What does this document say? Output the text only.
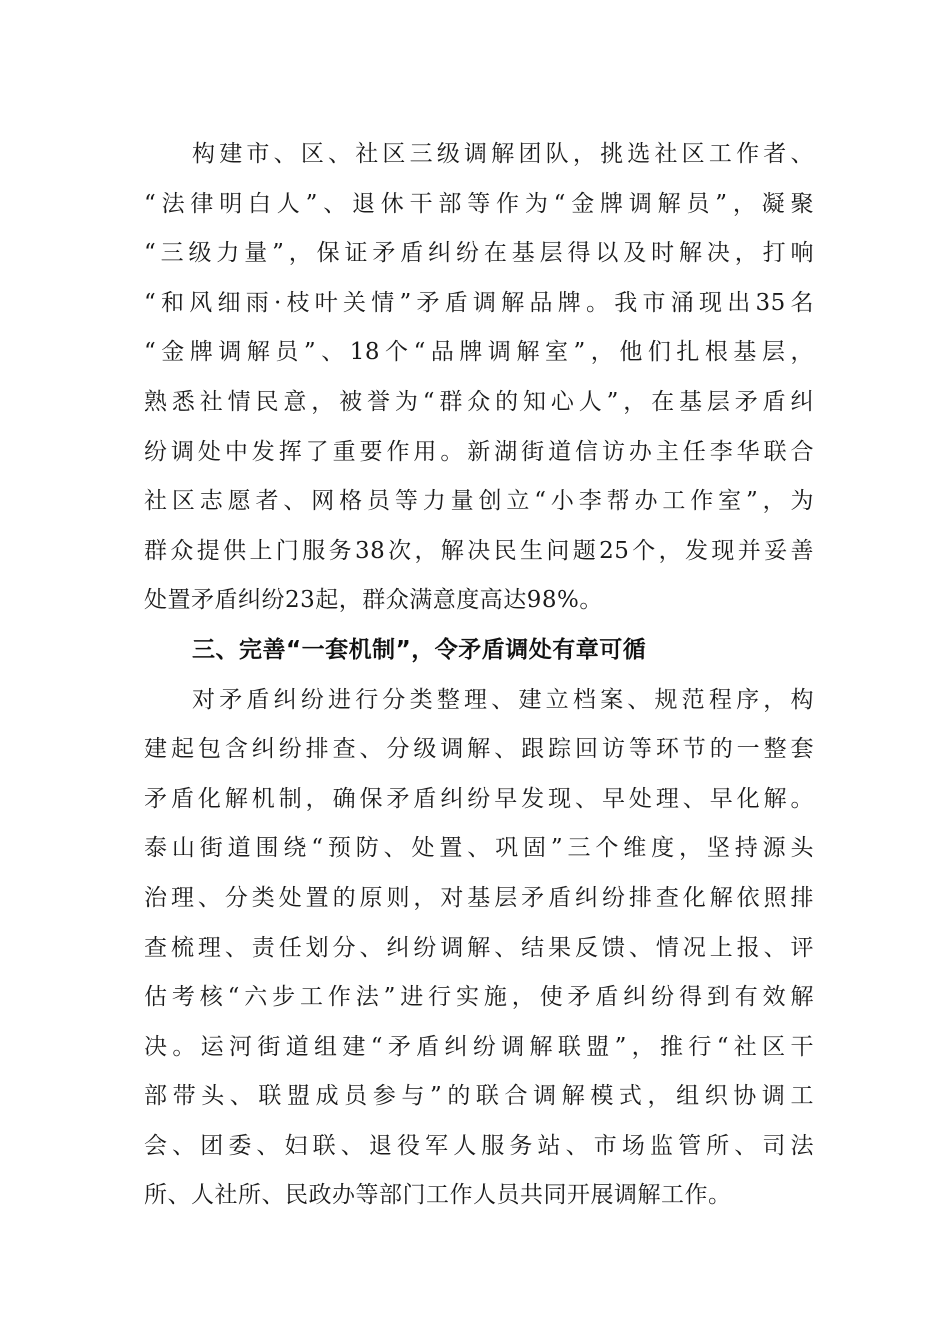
构建市、区、社区三级调解团队，挑选社区工作者、
“法律明白人”、退休干部等作为“金牌调解员”，凝聚
“三级力量”，保证矛盾纠纷在基层得以及时解决，打响
“和风细雨·枝叶关情”矛盾调解品牌。我市涌现出35名
“金牌调解员”、18个“品牌调解室”，他们扎根基层，
熟悉社情民意，被誉为“群众的知心人”，在基层矛盾纠
纷调处中发挥了重要作用。新湖街道信访办主任李华联合
社区志愿者、网格员等力量创立“小李帮办工作室”，为
群众提供上门服务38次，解决民生问题25个，发现并妥善
处置矛盾纠纷23起，群众满意度高达98%。
三、完善“一套机制”，令矛盾调处有章可循
对矛盾纠纷进行分类整理、建立档案、规范程序，构
建起包含纠纷排查、分级调解、跟踪回访等环节的一整套
矛盾化解机制，确保矛盾纠纷早发现、早处理、早化解。
泰山街道围绕“预防、处置、巩固”三个维度，坚持源头
治理、分类处置的原则，对基层矛盾纠纷排查化解依照排
查梳理、责任划分、纠纷调解、结果反馈、情况上报、评
估考核“六步工作法”进行实施，使矛盾纠纷得到有效解
决。运河街道组建“矛盾纠纷调解联盟”，推行“社区干
部带头、联盟成员参与”的联合调解模式，组织协调工
会、团委、妇联、退役军人服务站、市场监管所、司法
所、人社所、民政办等部门工作人员共同开展调解工作。
